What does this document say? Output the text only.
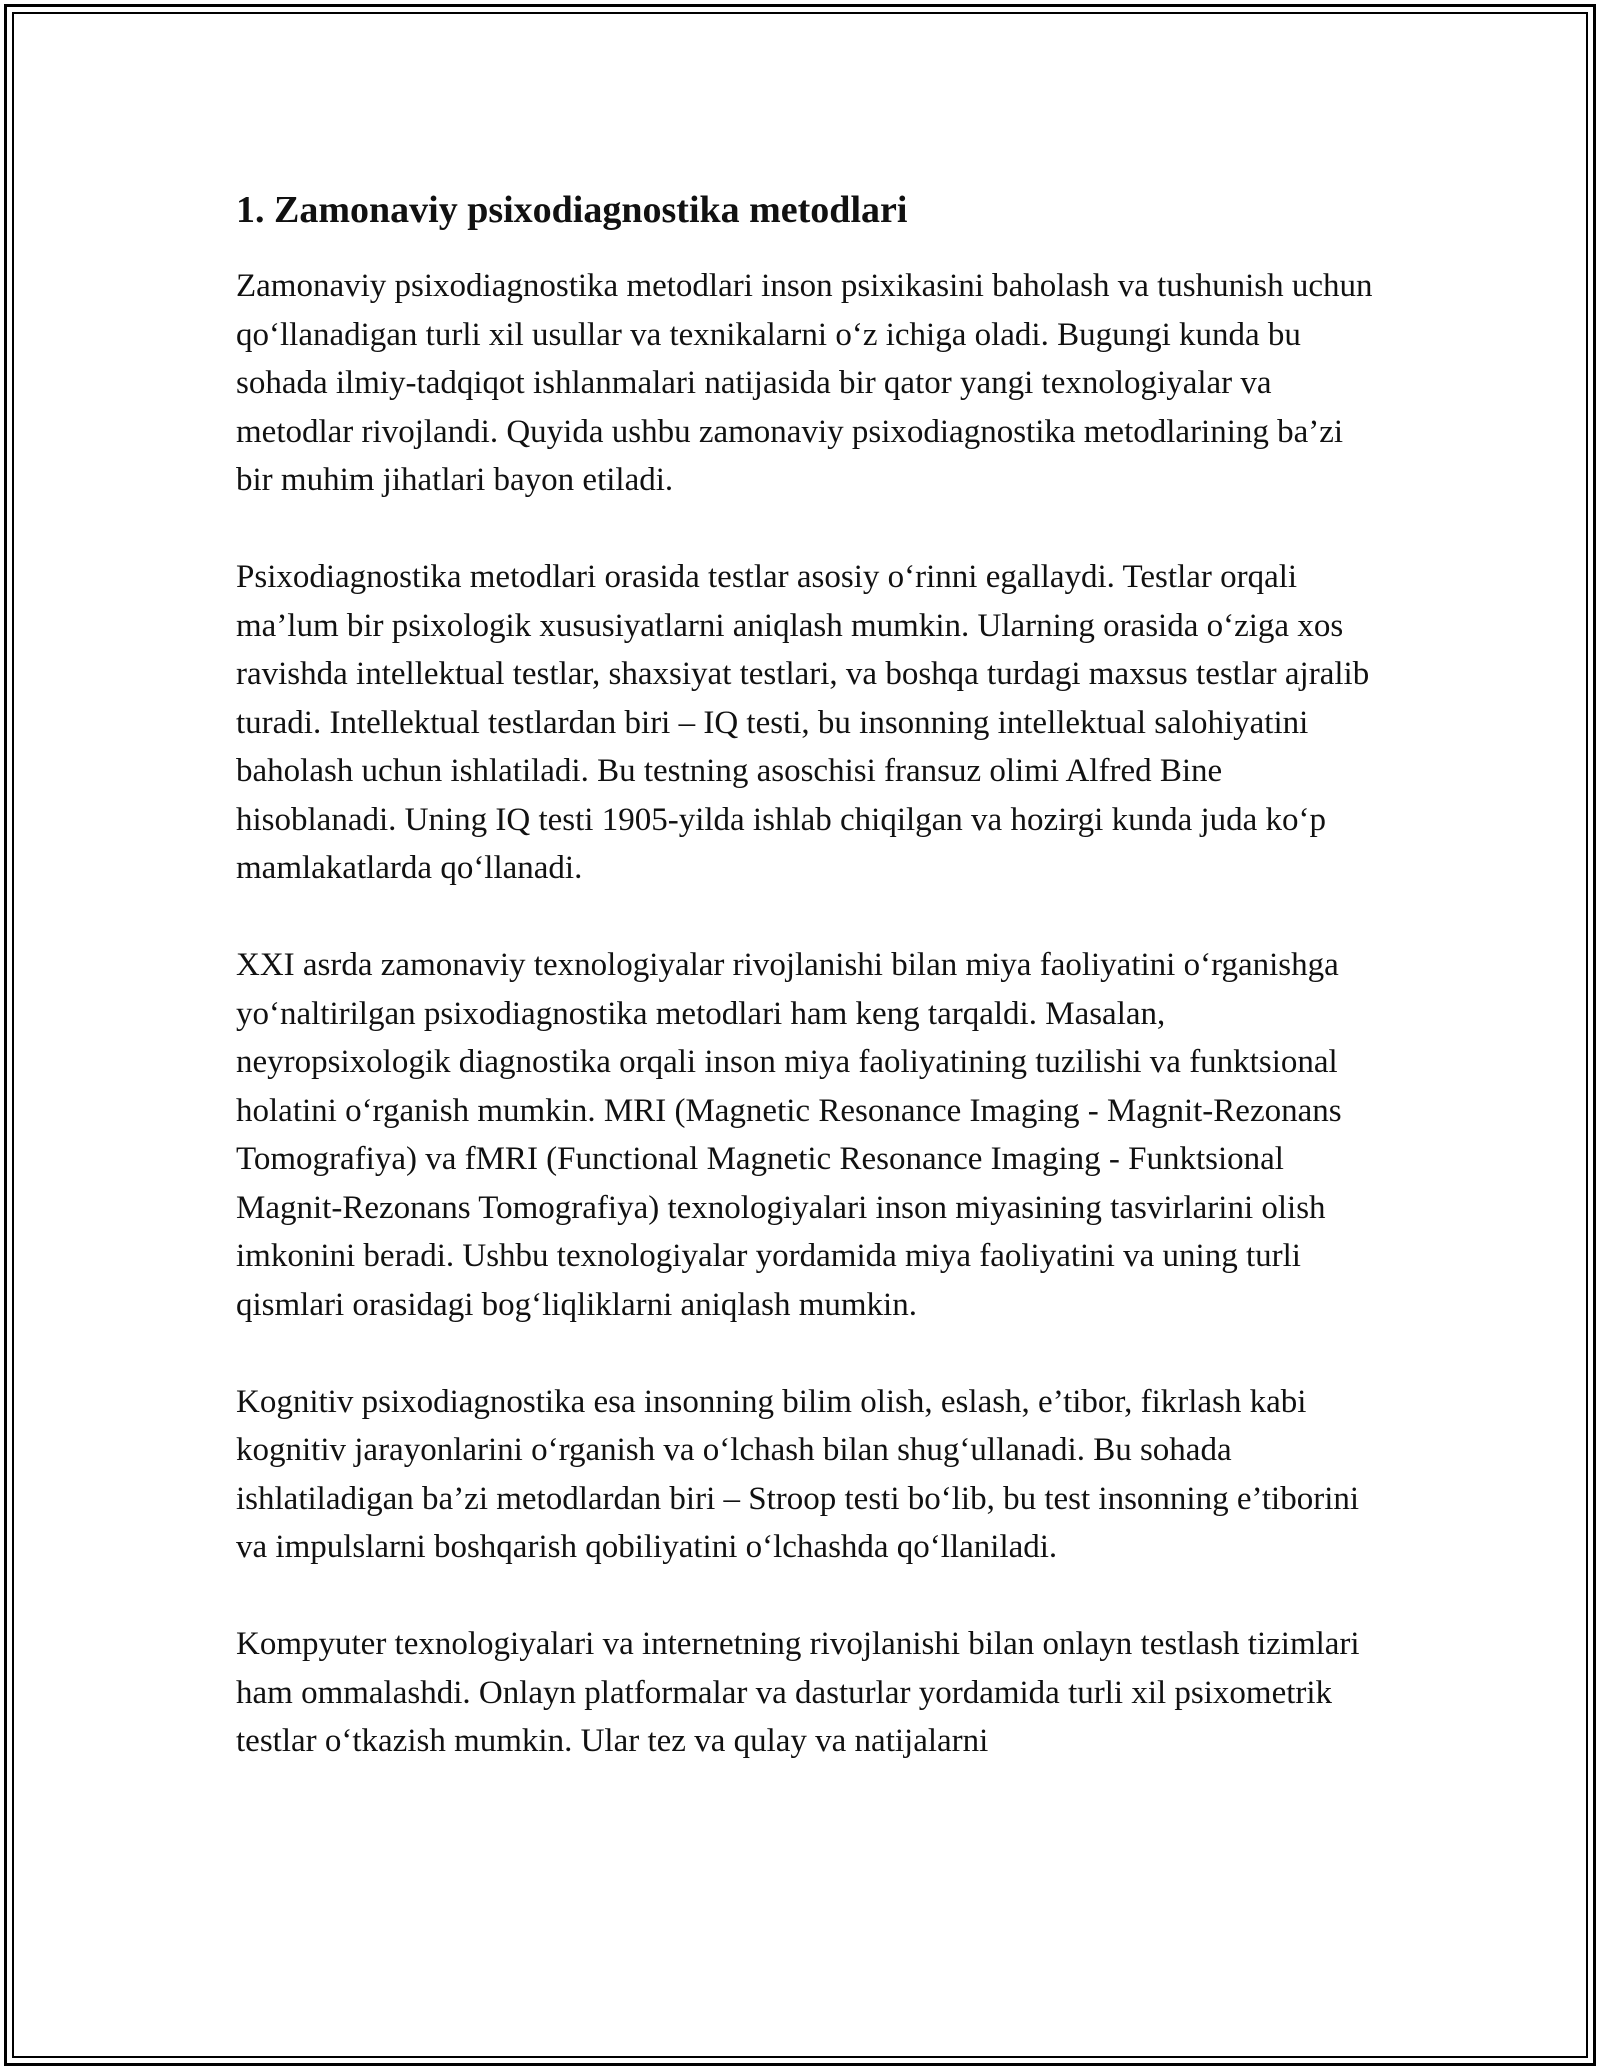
1. Zamonaviy psixodiagnostika metodlari

Zamonaviy psixodiagnostika metodlari inson psixikasini baholash va tushunish uchun qo‘llanadigan turli xil usullar va texnikalarni o‘z ichiga oladi. Bugungi kunda bu sohada ilmiy-tadqiqot ishlanmalari natijasida bir qator yangi texnologiyalar va metodlar rivojlandi. Quyida ushbu zamonaviy psixodiagnostika metodlarining ba’zi bir muhim jihatlari bayon etiladi.

Psixodiagnostika metodlari orasida testlar asosiy o‘rinni egallaydi. Testlar orqali ma’lum bir psixologik xususiyatlarni aniqlash mumkin. Ularning orasida o‘ziga xos ravishda intellektual testlar, shaxsiyat testlari, va boshqa turdagi maxsus testlar ajralib turadi. Intellektual testlardan biri – IQ testi, bu insonning intellektual salohiyatini baholash uchun ishlatiladi. Bu testning asoschisi fransuz olimi Alfred Bine hisoblanadi. Uning IQ testi 1905-yilda ishlab chiqilgan va hozirgi kunda juda ko‘p mamlakatlarda qo‘llanadi.

XXI asrda zamonaviy texnologiyalar rivojlanishi bilan miya faoliyatini o‘rganishga yo‘naltirilgan psixodiagnostika metodlari ham keng tarqaldi. Masalan, neyropsixologik diagnostika orqali inson miya faoliyatining tuzilishi va funktsional holatini o‘rganish mumkin. MRI (Magnetic Resonance Imaging - Magnit-Rezonans Tomografiya) va fMRI (Functional Magnetic Resonance Imaging - Funktsional Magnit-Rezonans Tomografiya) texnologiyalari inson miyasining tasvirlarini olish imkonini beradi. Ushbu texnologiyalar yordamida miya faoliyatini va uning turli qismlari orasidagi bog‘liqliklarni aniqlash mumkin.

Kognitiv psixodiagnostika esa insonning bilim olish, eslash, e’tibor, fikrlash kabi kognitiv jarayonlarini o‘rganish va o‘lchash bilan shug‘ullanadi. Bu sohada ishlatiladigan ba’zi metodlardan biri – Stroop testi bo‘lib, bu test insonning e’tiborini va impulslarni boshqarish qobiliyatini o‘lchashda qo‘llaniladi.

Kompyuter texnologiyalari va internetning rivojlanishi bilan onlayn testlash tizimlari ham ommalashdi. Onlayn platformalar va dasturlar yordamida turli xil psixometrik testlar o‘tkazish mumkin. Ular tez va qulay va natijalarni
